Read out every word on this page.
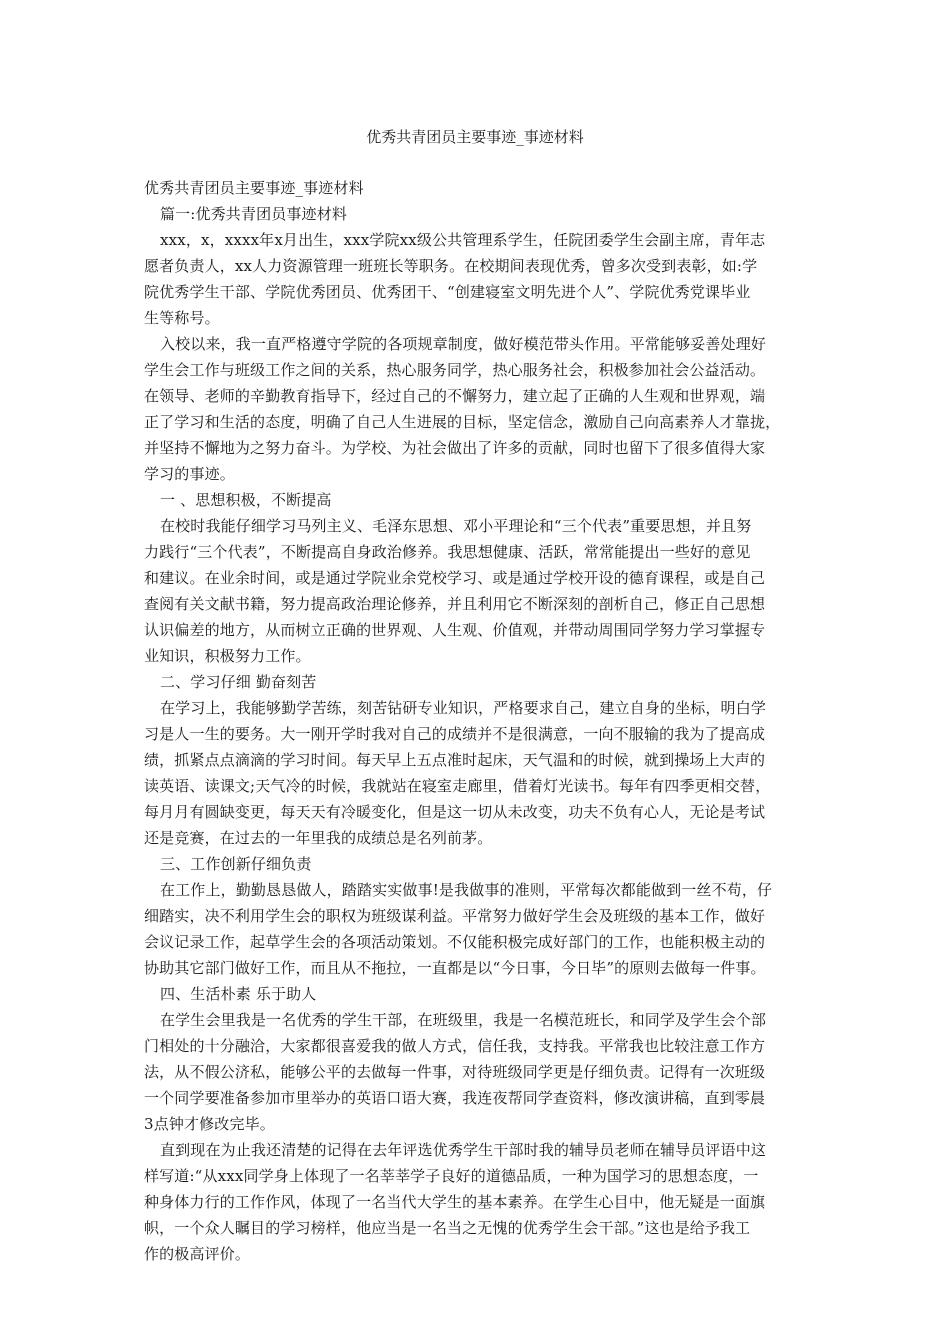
优秀共青团员主要事迹_事迹材料
优秀共青团员主要事迹_事迹材料
篇一:优秀共青团员事迹材料
xxx，x，xxxx年x月出生，xxx学院xx级公共管理系学生，任院团委学生会副主席，青年志
愿者负责人，xx人力资源管理一班班长等职务。在校期间表现优秀，曾多次受到表彰，如:学
院优秀学生干部、学院优秀团员、优秀团干、“创建寝室文明先进个人”、学院优秀党课毕业
生等称号。
入校以来，我一直严格遵守学院的各项规章制度，做好模范带头作用。平常能够妥善处理好
学生会工作与班级工作之间的关系，热心服务同学，热心服务社会，积极参加社会公益活动。
在领导、老师的辛勤教育指导下，经过自己的不懈努力，建立起了正确的人生观和世界观，端
正了学习和生活的态度，明确了自己人生进展的目标，坚定信念，激励自己向高素养人才靠拢，
并坚持不懈地为之努力奋斗。为学校、为社会做出了许多的贡献，同时也留下了很多值得大家
学习的事迹。
一 、思想积极，不断提高
在校时我能仔细学习马列主义、毛泽东思想、邓小平理论和“三个代表”重要思想，并且努
力践行“三个代表”，不断提高自身政治修养。我思想健康、活跃，常常能提出一些好的意见
和建议。在业余时间，或是通过学院业余党校学习、或是通过学校开设的德育课程，或是自己
查阅有关文献书籍，努力提高政治理论修养，并且利用它不断深刻的剖析自己，修正自己思想
认识偏差的地方，从而树立正确的世界观、人生观、价值观，并带动周围同学努力学习掌握专
业知识，积极努力工作。
二、学习仔细 勤奋刻苦
在学习上，我能够勤学苦练，刻苦钻研专业知识，严格要求自己，建立自身的坐标，明白学
习是人一生的要务。大一刚开学时我对自己的成绩并不是很满意，一向不服输的我为了提高成
绩，抓紧点点滴滴的学习时间。每天早上五点准时起床，天气温和的时候，就到操场上大声的
读英语、读课文;天气冷的时候，我就站在寝室走廊里，借着灯光读书。每年有四季更相交替，
每月月有圆缺变更，每天天有冷暖变化，但是这一切从未改变，功夫不负有心人，无论是考试
还是竞赛，在过去的一年里我的成绩总是名列前茅。
三、工作创新仔细负责
在工作上，勤勤恳恳做人，踏踏实实做事!是我做事的准则，平常每次都能做到一丝不苟，仔
细踏实，决不利用学生会的职权为班级谋利益。平常努力做好学生会及班级的基本工作，做好
会议记录工作，起草学生会的各项活动策划。不仅能积极完成好部门的工作，也能积极主动的
协助其它部门做好工作，而且从不拖拉，一直都是以“今日事，今日毕”的原则去做每一件事。
四、生活朴素 乐于助人
在学生会里我是一名优秀的学生干部，在班级里，我是一名模范班长，和同学及学生会个部
门相处的十分融洽，大家都很喜爱我的做人方式，信任我，支持我。平常我也比较注意工作方
法，从不假公济私，能够公平的去做每一件事，对待班级同学更是仔细负责。记得有一次班级
一个同学要准备参加市里举办的英语口语大赛，我连夜帮同学查资料，修改演讲稿，直到零晨
3点钟才修改完毕。
直到现在为止我还清楚的记得在去年评选优秀学生干部时我的辅导员老师在辅导员评语中这
样写道:“从xxx同学身上体现了一名莘莘学子良好的道德品质，一种为国学习的思想态度，一
种身体力行的工作作风，体现了一名当代大学生的基本素养。在学生心目中，他无疑是一面旗
帜，一个众人瞩目的学习榜样，他应当是一名当之无愧的优秀学生会干部。”这也是给予我工
作的极高评价。
